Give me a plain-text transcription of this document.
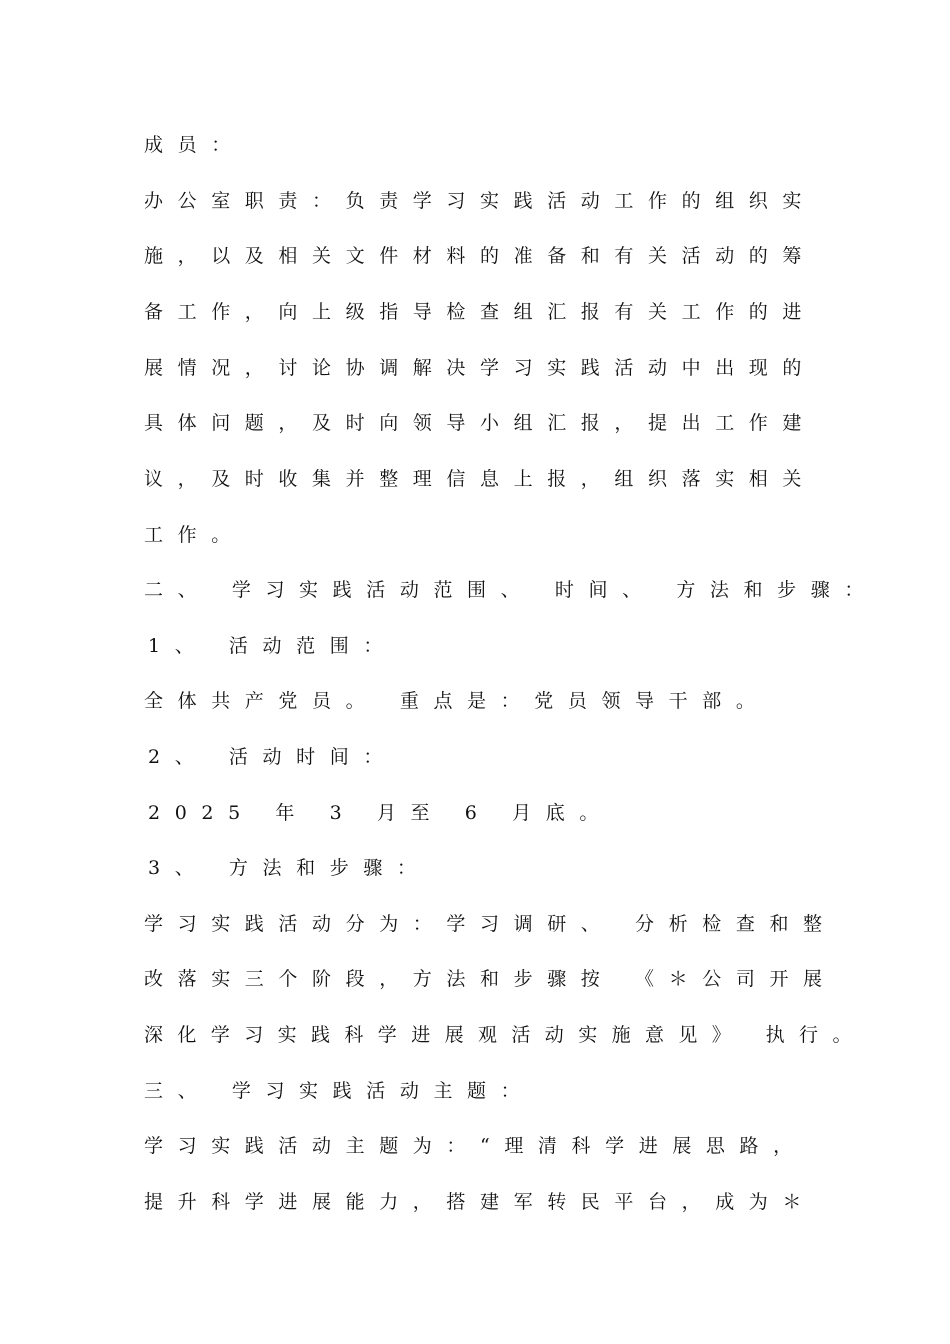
成员：
办公室职责：负责学习实践活动工作的组织实
施，以及相关文件材料的准备和有关活动的筹
备工作，向上级指导检查组汇报有关工作的进
展情况，讨论协调解决学习实践活动中出现的
具体问题，及时向领导小组汇报，提出工作建
议，及时收集并整理信息上报，组织落实相关
工作。
二、 学习实践活动范围、 时间、 方法和步骤：
1、 活动范围：
全体共产党员。 重点是：党员领导干部。
2、 活动时间：
2025 年 3 月至 6 月底。
3、 方法和步骤：
学习实践活动分为：学习调研、 分析检查和整
改落实三个阶段，方法和步骤按 《＊公司开展
深化学习实践科学进展观活动实施意见》 执行。
三、 学习实践活动主题：
学习实践活动主题为：“理清科学进展思路，
提升科学进展能力，搭建军转民平台，成为＊
